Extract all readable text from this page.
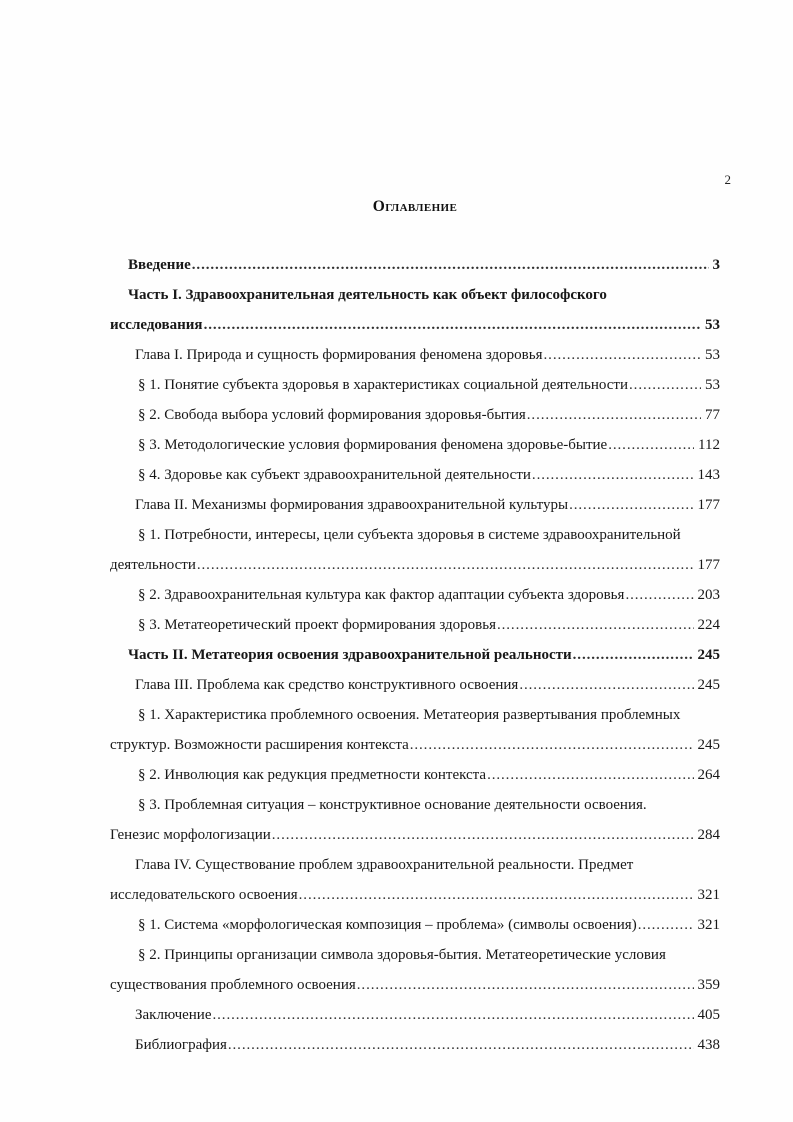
2
Оглавление
Введение .....	3
Часть I. Здравоохранительная деятельность как объект философского
исследования .....	53
Глава I. Природа и сущность формирования феномена здоровья .....	53
§ 1. Понятие субъекта здоровья в характеристиках социальной деятельности .....	53
§ 2. Свобода выбора условий формирования здоровья-бытия .....	77
§ 3. Методологические условия формирования феномена здоровье-бытие .....	112
§ 4. Здоровье как субъект здравоохранительной деятельности .....	143
Глава II. Механизмы формирования здравоохранительной культуры .....	177
§ 1. Потребности, интересы, цели субъекта здоровья в системе здравоохранительной
деятельности .....	177
§ 2. Здравоохранительная культура как фактор адаптации субъекта здоровья .....	203
§ 3. Метатеоретический проект формирования здоровья .....	224
Часть II. Метатеория освоения здравоохранительной реальности .....	245
Глава III. Проблема как средство конструктивного освоения .....	245
§ 1. Характеристика проблемного освоения. Метатеория развертывания проблемных
структур. Возможности расширения контекста .....	245
§ 2. Инволюция как редукция предметности контекста .....	264
§ 3. Проблемная ситуация – конструктивное основание деятельности освоения.
Генезис морфологизации .....	284
Глава IV. Существование проблем здравоохранительной реальности. Предмет
исследовательского освоения .....	321
§ 1. Система «морфологическая композиция – проблема» (символы освоения) .....	321
§ 2. Принципы организации символа здоровья-бытия. Метатеоретические условия
существования проблемного освоения .....	359
Заключение .....	405
Библиография .....	438
